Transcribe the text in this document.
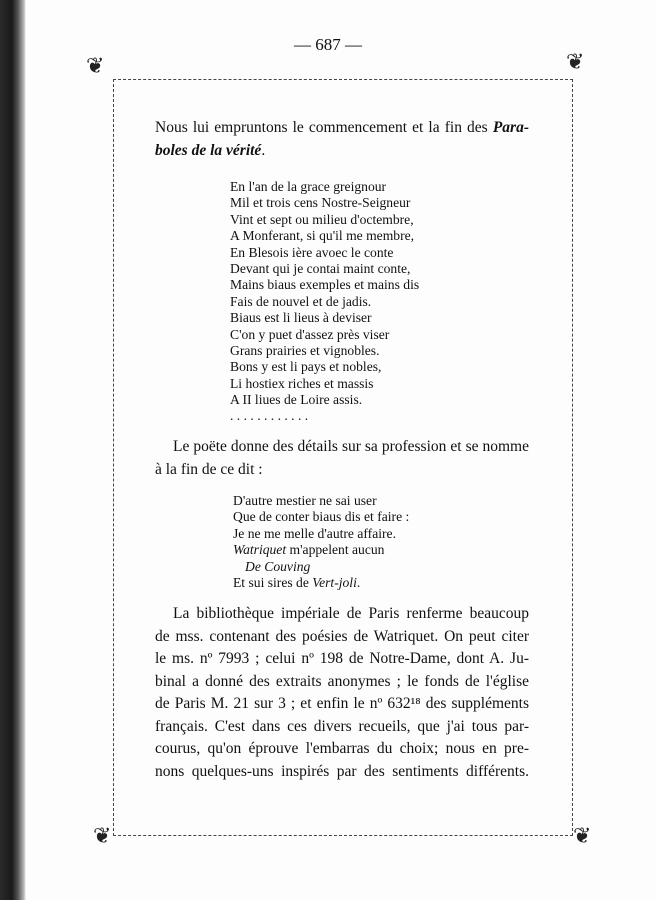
❦	❦
❦	❦
— 687 —
Nous lui empruntons le commencement et la fin des Para-
boles de la vérité.
En l'an de la grace greignour
Mil et trois cens Nostre-Seigneur
Vint et sept ou milieu d'octembre,
A Monferant, si qu'il me membre,
En Blesois ière avoec le conte
Devant qui je contai maint conte,
Mains biaus exemples et mains dis
Fais de nouvel et de jadis.
Biaus est li lieus à deviser
C'on y puet d'assez près viser
Grans prairies et vignobles.
Bons y est li pays et nobles,
Li hostiex riches et massis
A II liues de Loire assis.
. . . . . . . . . . . .
Le poëte donne des détails sur sa profession et se nomme
à la fin de ce dit :
D'autre mestier ne sai user
Que de conter biaus dis et faire :
Je ne me melle d'autre affaire.
Watriquet m'appelent aucun
De Couving
Et sui sires de Vert-joli.
La bibliothèque impériale de Paris renferme beaucoup
de mss. contenant des poésies de Watriquet. On peut citer
le ms. nº 7993 ; celui nº 198 de Notre-Dame, dont A. Ju-
binal a donné des extraits anonymes ; le fonds de l'église
de Paris M. 21 sur 3 ; et enfin le nº 632¹⁸ des suppléments
français. C'est dans ces divers recueils, que j'ai tous par-
courus, qu'on éprouve l'embarras du choix; nous en pre-
nons quelques-uns inspirés par des sentiments différents.
